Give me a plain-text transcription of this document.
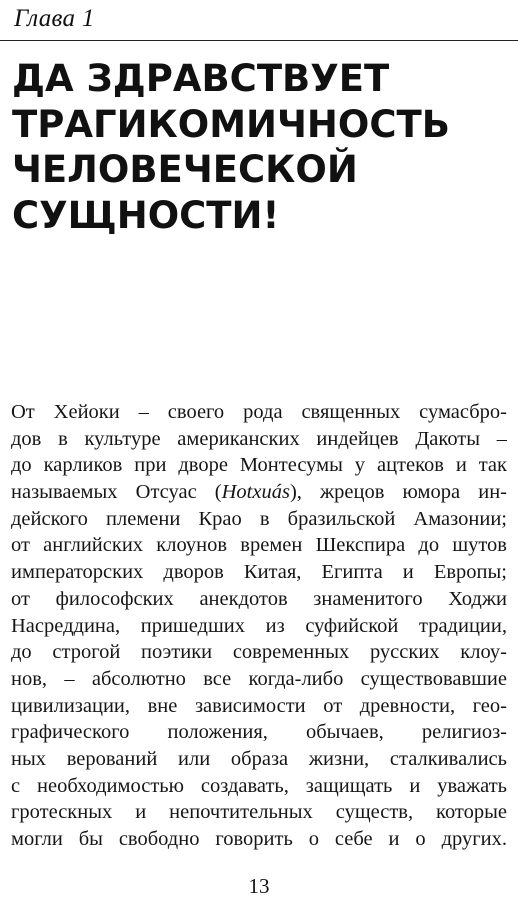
Глава 1
ДА ЗДРАВСТВУЕТ
ТРАГИКОМИЧНОСТЬ
ЧЕЛОВЕЧЕСКОЙ
СУЩНОСТИ!
От Хейоки – своего рода священных сумасбро-
дов в культуре американских индейцев Дакоты –
до карликов при дворе Монтесумы у ацтеков и так
называемых Отсуас (Hotxuás), жрецов юмора ин-
дейского племени Крао в бразильской Амазонии;
от английских клоунов времен Шекспира до шутов
императорских дворов Китая, Египта и Европы;
от философских анекдотов знаменитого Ходжи
Насреддина, пришедших из суфийской традиции,
до строгой поэтики современных русских клоу-
нов, – абсолютно все когда-либо существовавшие
цивилизации, вне зависимости от древности, гео-
графического положения, обычаев, религиоз-
ных верований или образа жизни, сталкивались
с необходимостью создавать, защищать и уважать
гротескных и непочтительных существ, которые
могли бы свободно говорить о себе и о других.
13
